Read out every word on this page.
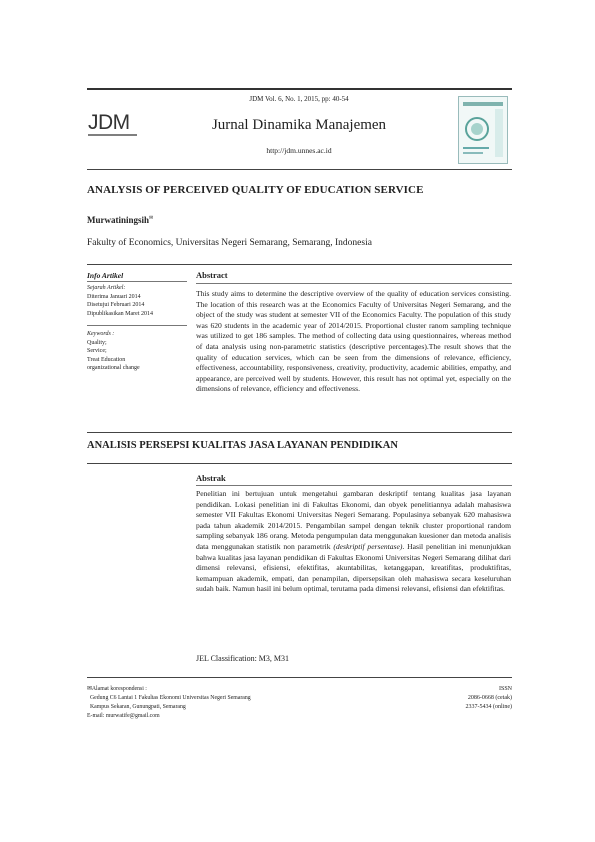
JDM
JDM Vol. 6, No. 1, 2015, pp: 40-54
Jurnal Dinamika Manajemen
http://jdm.unnes.ac.id
ANALYSIS OF PERCEIVED QUALITY OF EDUCATION SERVICE
Murwatiningsih✉
Fakulty of Economics, Universitas Negeri Semarang, Semarang, Indonesia
Info Artikel
Sejarah Artikel:
Diterima Januari 2014
Disetujui Februari 2014
Dipublikasikan Maret 2014
Keywords :
Quality;
Service;
Treat Education
organizational change
Abstract
This study aims to determine the descriptive overview of the quality of education services consisting. The location of this research was at the Economics Faculty of Universitas Negeri Semarang, and the object of the study was student at semester VII of the Economics Faculty. The population of this study was 620 students in the academic year of 2014/2015. Proportional cluster ranom sampling technique was utilized to get 186 samples. The method of collecting data using questionnaires, whereas method of data analysis using non-parametric statistics (descriptive percentages).The result shows that the quality of education services, which can be seen from the dimensions of relevance, efficiency, effectiveness, accountability, responsiveness, creativity, productivity, academic abilities, empathy, and appearance, are perceived well by students. However, this result has not optimal yet, especially on the dimensions of relevance, efficiency and effectiveness.
ANALISIS PERSEPSI KUALITAS JASA LAYANAN PENDIDIKAN
Abstrak
Penelitian ini bertujuan untuk mengetahui gambaran deskriptif tentang kualitas jasa layanan pendidikan. Lokasi penelitian ini di Fakultas Ekonomi, dan obyek penelitiannya adalah mahasiswa semester VII Fakultas Ekonomi Universitas Negeri Semarang. Populasinya sebanyak 620 mahasiswa pada tahun akademik 2014/2015. Pengambilan sampel dengan teknik cluster proportional random sampling sebanyak 186 orang. Metoda pengumpulan data menggunakan kuesioner dan metoda analisis data menggunakan statistik non parametrik (deskriptif persentase). Hasil penelitian ini menunjukkan bahwa kualitas jasa layanan pendidikan di Fakultas Ekonomi Universitas Negeri Semarang dilihat dari dimensi relevansi, efisiensi, efektifitas, akuntabilitas, ketanggapan, kreatifitas, produktifitas, kemampuan akademik, empati, dan penampilan, dipersepsikan oleh mahasiswa secara keseluruhan sudah baik. Namun hasil ini belum optimal, terutama pada dimensi relevansi, efisiensi dan efektifitas.
JEL Classification: M3, M31
✉Alamat korespondensi :
Gedung C6 Lantai 1 Fakultas Ekonomi Universitas Negeri Semarang
Kampus Sekaran, Gunungpati, Semarang
E-mail: murwatife@gmail.com
ISSN
2086-0668 (cetak)
2337-5434 (online)
